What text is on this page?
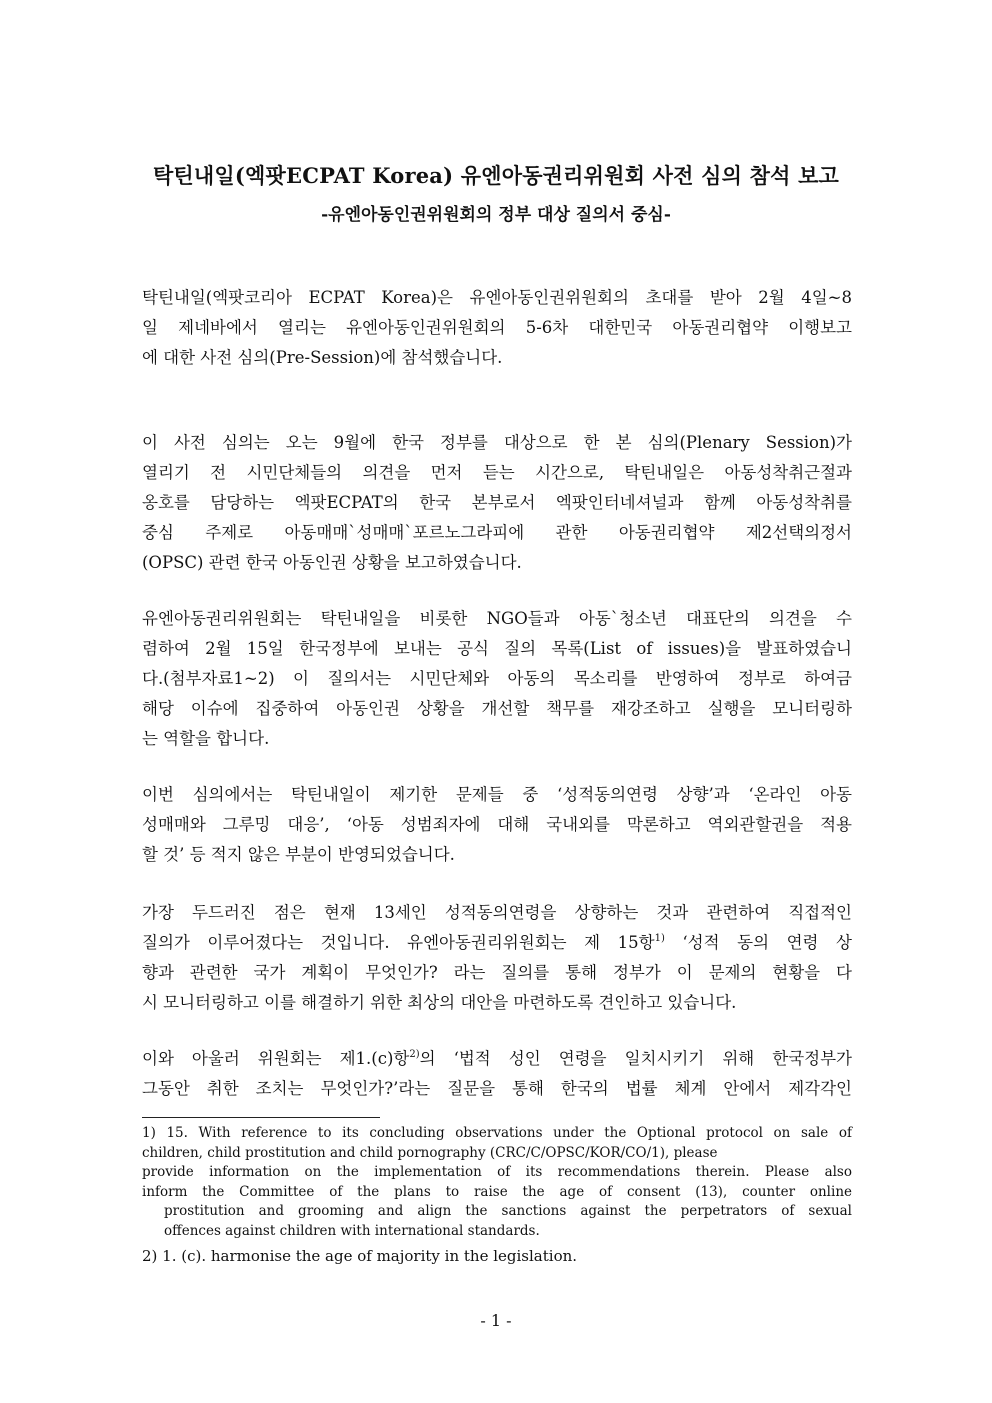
탁틴내일(엑팟ECPAT Korea) 유엔아동권리위원회 사전 심의 참석 보고
-유엔아동인권위원회의 정부 대상 질의서 중심-
탁틴내일(엑팟코리아 ECPAT Korea)은 유엔아동인권위원회의 초대를 받아 2월 4일~8
일 제네바에서 열리는 유엔아동인권위원회의 5-6차 대한민국 아동권리협약 이행보고
에 대한 사전 심의(Pre-Session)에 참석했습니다.
이 사전 심의는 오는 9월에 한국 정부를 대상으로 한 본 심의(Plenary Session)가
열리기 전 시민단체들의 의견을 먼저 듣는 시간으로, 탁틴내일은 아동성착취근절과
옹호를 담당하는 엑팟ECPAT의 한국 본부로서 엑팟인터네셔널과 함께 아동성착취를
중심 주제로 아동매매`성매매`포르노그라피에 관한 아동권리협약 제2선택의정서
(OPSC) 관련 한국 아동인권 상황을 보고하였습니다.
유엔아동권리위원회는 탁틴내일을 비롯한 NGO들과 아동`청소년 대표단의 의견을 수
렴하여 2월 15일 한국정부에 보내는 공식 질의 목록(List of issues)을 발표하였습니
다.(첨부자료1~2) 이 질의서는 시민단체와 아동의 목소리를 반영하여 정부로 하여금
해당 이슈에 집중하여 아동인권 상황을 개선할 책무를 재강조하고 실행을 모니터링하
는 역할을 합니다.
이번 심의에서는 탁틴내일이 제기한 문제들 중 ‘성적동의연령 상향’과 ‘온라인 아동
성매매와 그루밍 대응’, ‘아동 성범죄자에 대해 국내외를 막론하고 역외관할권을 적용
할 것’ 등 적지 않은 부분이 반영되었습니다.
가장 두드러진 점은 현재 13세인 성적동의연령을 상향하는 것과 관련하여 직접적인
질의가 이루어졌다는 것입니다. 유엔아동권리위원회는 제 15항$^{1)}$ ‘성적 동의 연령 상
향과 관련한 국가 계획이 무엇인가? 라는 질의를 통해 정부가 이 문제의 현황을 다
시 모니터링하고 이를 해결하기 위한 최상의 대안을 마련하도록 견인하고 있습니다.
이와 아울러 위원회는 제1.(c)항$^{2)}$의 ‘법적 성인 연령을 일치시키기 위해 한국정부가
그동안 취한 조치는 무엇인가?’라는 질문을 통해 한국의 법률 체계 안에서 제각각인
1) 15. With reference to its concluding observations under the Optional protocol on sale of
children, child prostitution and child pornography (CRC/C/OPSC/KOR/CO/1), please
provide information on the implementation of its recommendations therein. Please also
inform the Committee of the plans to raise the age of consent (13), counter online
prostitution and grooming and align the sanctions against the perpetrators of sexual
offences against children with international standards.
2) 1. (c). harmonise the age of majority in the legislation.
- 1 -
